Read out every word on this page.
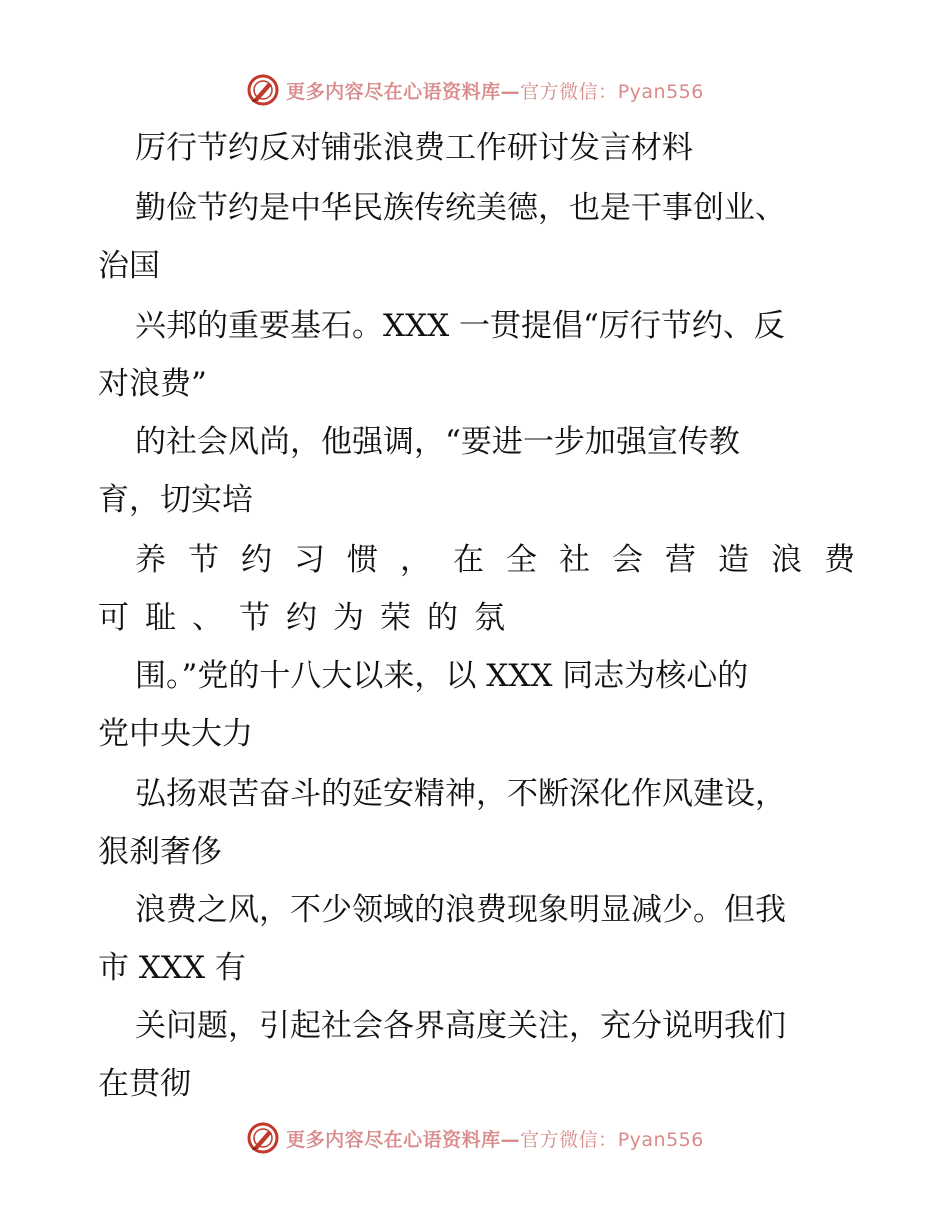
更多内容尽在心语资料库—官方微信：Pyan556
厉行节约反对铺张浪费工作研讨发言材料
勤俭节约是中华民族传统美德，也是干事创业、
治国
兴邦的重要基石。XXX 一贯提倡“厉行节约、反
对浪费”
的社会风尚，他强调，“要进一步加强宣传教
育，切实培
养节约习惯，在全社会营造浪费
可耻、节约为荣的氛
围。”党的十八大以来，以 XXX 同志为核心的
党中央大力
弘扬艰苦奋斗的延安精神，不断深化作风建设，
狠刹奢侈
浪费之风，不少领域的浪费现象明显减少。但我
市 XXX 有
关问题，引起社会各界高度关注，充分说明我们
在贯彻
更多内容尽在心语资料库—官方微信：Pyan556
